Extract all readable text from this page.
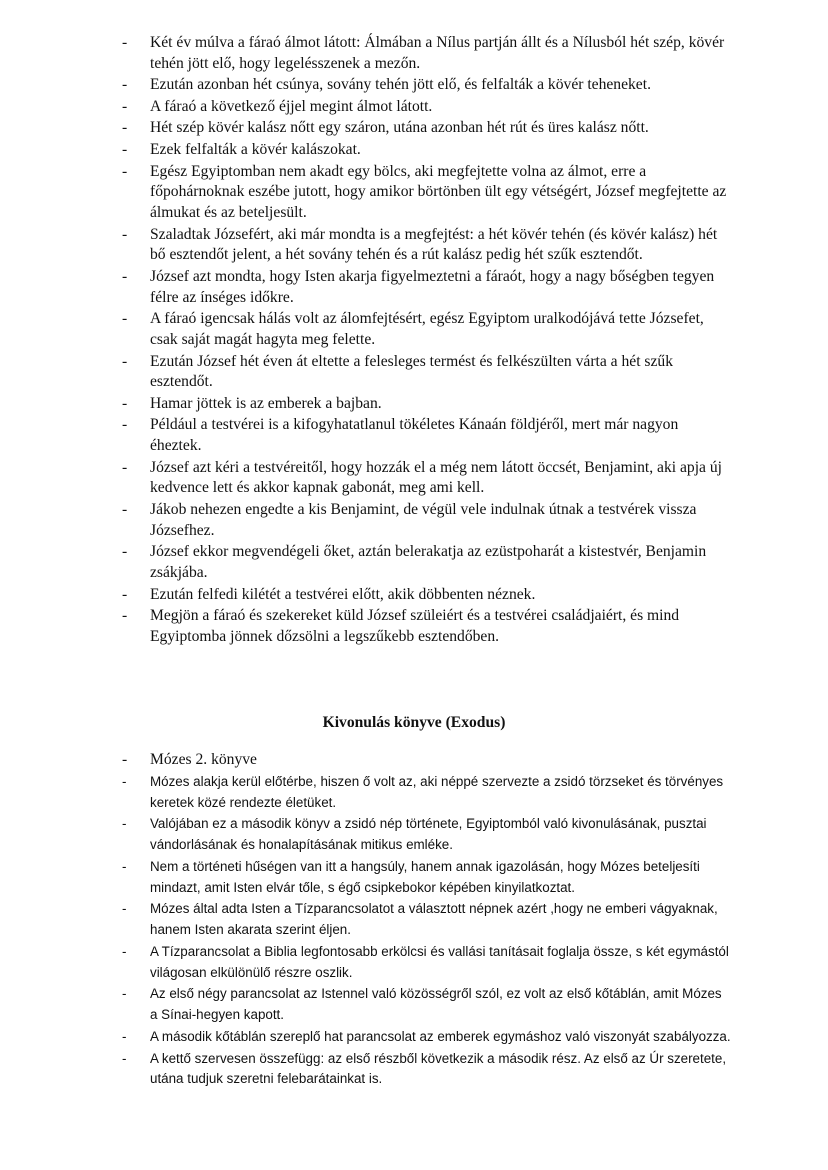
- Két év múlva a fáraó álmot látott: Álmában a Nílus partján állt és a Nílusból hét szép, kövér tehén jött elő, hogy legelésszenek a mezőn.
- Ezután azonban hét csúnya, sovány tehén jött elő, és felfalták a kövér teheneket.
- A fáraó a következő éjjel megint álmot látott.
- Hét szép kövér kalász nőtt egy száron, utána azonban hét rút és üres kalász nőtt.
- Ezek felfalták a kövér kalászokat.
- Egész Egyiptomban nem akadt egy bölcs, aki megfejtette volna az álmot, erre a főpohárnoknak eszébe jutott, hogy amikor börtönben ült egy vétségért, József megfejtette az álmukat és az beteljesült.
- Szaladtak Józsefért, aki már mondta is a megfejtést: a hét kövér tehén (és kövér kalász) hét bő esztendőt jelent, a hét sovány tehén és a rút kalász pedig hét szűk esztendőt.
- József azt mondta, hogy Isten akarja figyelmeztetni a fáraót, hogy a nagy bőségben tegyen félre az ínséges időkre.
- A fáraó igencsak hálás volt az álomfejtésért, egész Egyiptom uralkodójává tette Józsefet, csak saját magát hagyta meg felette.
- Ezután József hét éven át eltette a felesleges termést és felkészülten várta a hét szűk esztendőt.
- Hamar jöttek is az emberek a bajban.
- Például a testvérei is a kifogyhatatlanul tökéletes Kánaán földjéről, mert már nagyon éheztek.
- József azt kéri a testvéreitől, hogy hozzák el a még nem látott öccsét, Benjamint, aki apja új kedvence lett és akkor kapnak gabonát, meg ami kell.
- Jákob nehezen engedte a kis Benjamint, de végül vele indulnak útnak a testvérek vissza Józsefhez.
- József ekkor megvendégeli őket, aztán belerakatja az ezüstpoharát a kistestvér, Benjamin zsákjába.
- Ezután felfedi kilétét a testvérei előtt, akik döbbenten néznek.
- Megjön a fáraó és szekereket küld József szüleiért és a testvérei családjaiért, és mind Egyiptomba jönnek dőzsölni a legszűkebb esztendőben.
Kivonulás könyve (Exodus)
- Mózes 2. könyve
- Mózes alakja kerül előtérbe, hiszen ő volt az, aki néppé szervezte a zsidó törzseket és törvényes keretek közé rendezte életüket.
- Valójában ez a második könyv a zsidó nép története, Egyiptomból való kivonulásának, pusztai vándorlásának és honalapításának mitikus emléke.
- Nem a történeti hűségen van itt a hangsúly, hanem annak igazolásán, hogy Mózes beteljesíti mindazt, amit Isten elvár tőle, s égő csipkebokor képében kinyilatkoztat.
- Mózes által adta Isten a Tízparancsolatot a választott népnek azért ,hogy ne emberi vágyaknak, hanem Isten akarata szerint éljen.
- A Tízparancsolat a Biblia legfontosabb erkölcsi és vallási tanításait foglalja össze, s két egymástól világosan elkülönülő részre oszlik.
- Az első négy parancsolat az Istennel való közösségről szól, ez volt az első kőtáblán, amit Mózes a Sínai-hegyen kapott.
- A második kőtáblán szereplő hat parancsolat az emberek egymáshoz való viszonyát szabályozza.
- A kettő szervesen összefügg: az első részből következik a második rész. Az első az Úr szeretete, utána tudjuk szeretni felebarátainkat is.
